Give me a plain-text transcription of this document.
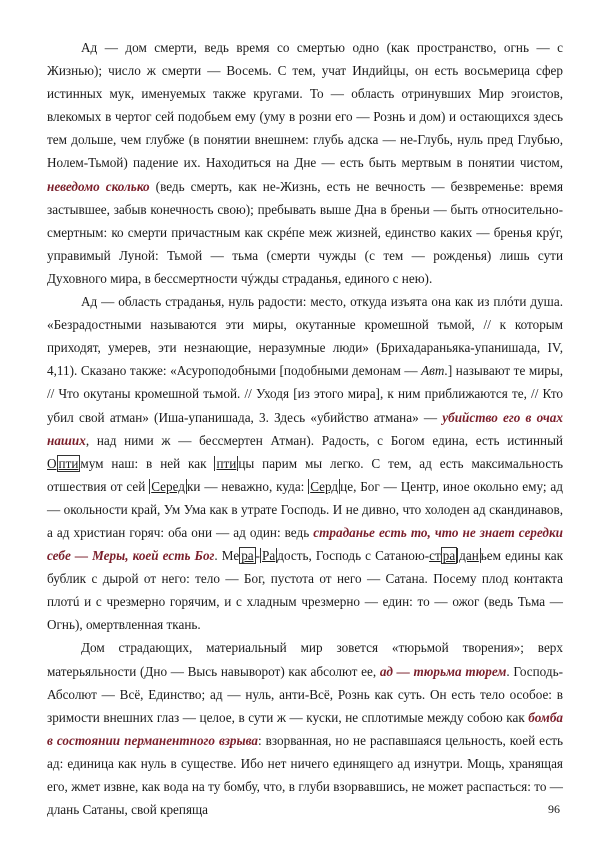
Ад — дом смерти, ведь время со смертью одно (как пространство, огнь — с Жизнью); число ж смерти — Восемь. С тем, учат Индийцы, он есть восьмерица сфер истинных мук, именуемых также кругами. То — область отринувших Мир эгоистов, влекомых в чертог сей подобьем ему (уму в розни его — Рознь и дом) и остающихся здесь тем дольше, чем глубже (в понятии внешнем: глубь адска — не-Глубь, нуль пред Глубью, Нолем-Тьмой) падение их. Находиться на Дне — есть быть мертвым в понятии чистом, неведомо сколько (ведь смерть, как не-Жизнь, есть не вечность — безвременье: время застывшее, забыв конечность свою); пребывать выше Дна в бреньи — быть относительно-смертным: ко смерти причастным как скрéпе меж жизней, единство каких — бренья крýг, управимый Луной: Тьмой — тьма (смерти чужды (с тем — рожденья) лишь сути Духовного мира, в бессмертности чýжды страданья, единого с нею).

Ад — область страданья, нуль радости: место, откуда изъята она как из плóти душа. «Безрадостными называются эти миры, окутанные кромешной тьмой, // к которым приходят, умерев, эти незнающие, неразумные люди» (Брихадараньяка-упанишада, IV, 4,11). Сказано также: «Асуроподобными [подобными демонам — Авт.] называют те миры, // Что окутаны кромешной тьмой. // Уходя [из этого мира], к ним приближаются те, // Кто убил свой атман» (Иша-упанишада, 3. Здесь «убийство атмана» — убийство его в очах наших, над ними ж — бессмертен Атман). Радость, с Богом едина, есть истинный О пти мум наш: в ней как пти цы парим мы легко. С тем, ад есть максимальность отшествия от сей Серед ки — неважно, куда: Серд це, Бог — Центр, иное окольно ему; ад — окольности край, Ум Ума как в утрате Господь. И не дивно, что холоден ад скандинавов, а ад христиан горяч: оба они — ад один: ведь страданье есть то, что не знает середки себе — Меры, коей есть Бог. Ме ра - Ра дость, Господь с Сатаною-ст ра дан ьем едины как бублик с дырой от него: тело — Бог, пустота от него — Сатана. Посему плод контакта плотú и с чрезмерно горячим, и с хладным чрезмерно — един: то — ожог (ведь Тьма — Огнь), омертвленная ткань.

Дом страдающих, материальный мир зовется «тюрьмой творения»; верх матерьяльности (Дно — Высь навыворот) как абсолют ее, ад — тюрьма тюрем. Господь-Абсолют — Всё, Единство; ад — нуль, анти-Всё, Рознь как суть. Он есть тело особое: в зримости внешних глаз — целое, в сути ж — куски, не сплотимые между собою как бомба в состоянии перманентного взрыва: взорванная, но не распавшаяся цельность, коей есть ад: единица как нуль в существе. Ибо нет ничего единящего ад изнутри. Мощь, хранящая его, жмет извне, как вода на ту бомбу, что, в глуби взорвавшись, не может распасться: то — длань Сатаны, свой крепяща	96
